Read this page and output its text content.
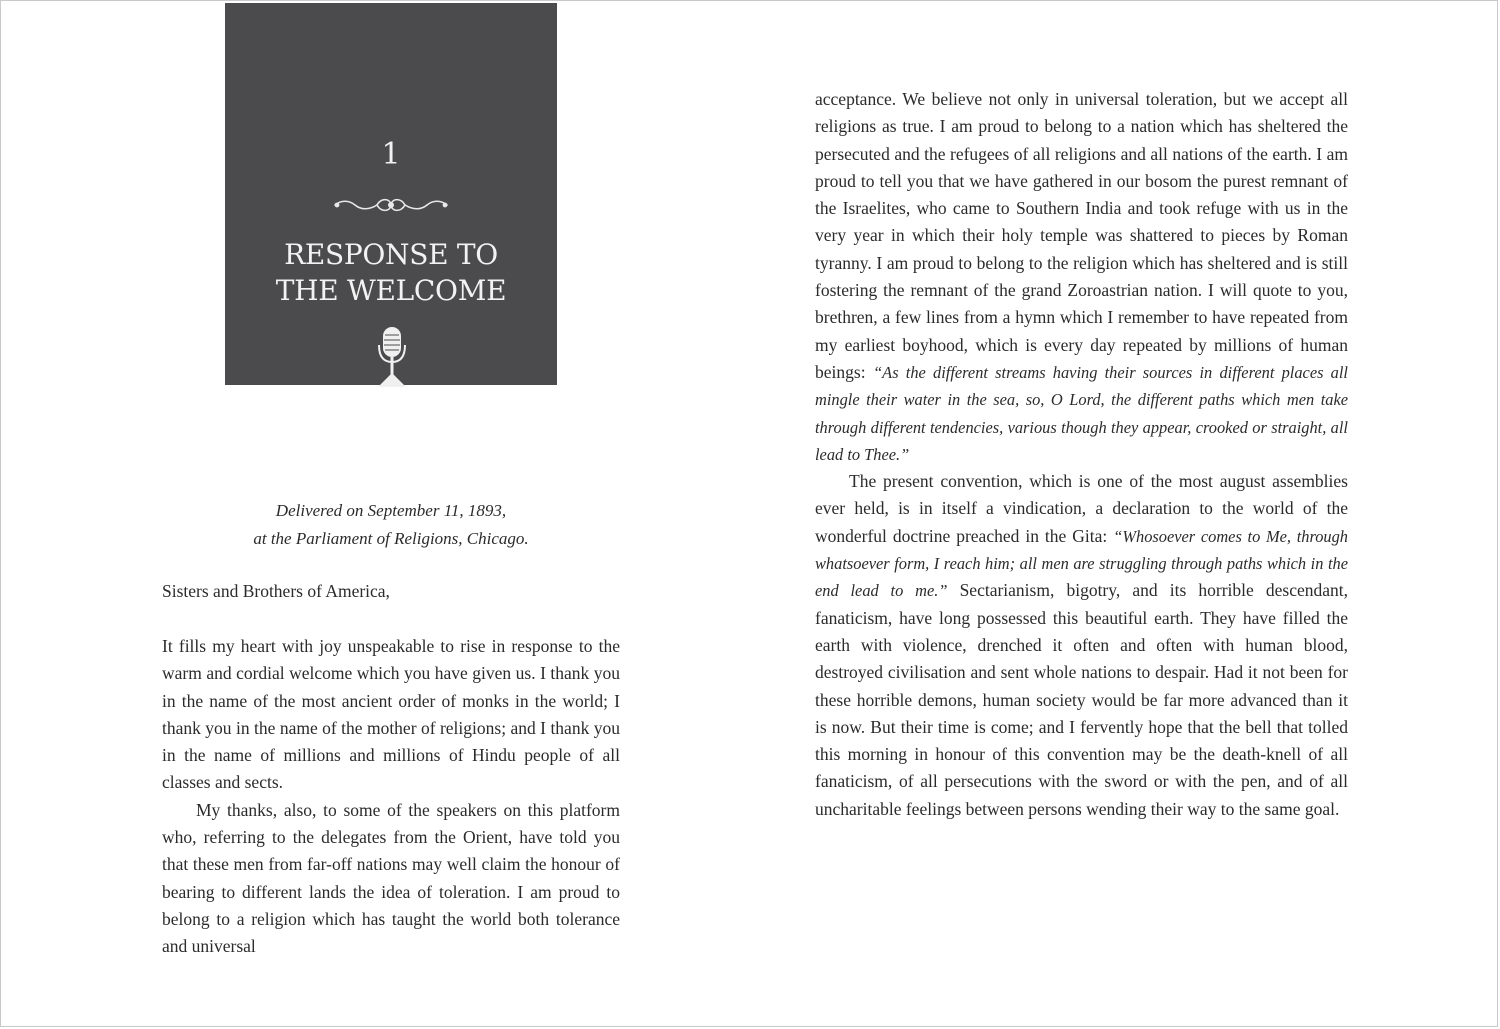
1
RESPONSE TO
THE WELCOME
Delivered on September 11, 1893,
at the Parliament of Religions, Chicago.
Sisters and Brothers of America,

It fills my heart with joy unspeakable to rise in response to the warm and cordial welcome which you have given us. I thank you in the name of the most ancient order of monks in the world; I thank you in the name of the mother of religions; and I thank you in the name of millions and millions of Hindu people of all classes and sects.

My thanks, also, to some of the speakers on this platform who, referring to the delegates from the Orient, have told you that these men from far-off nations may well claim the honour of bearing to different lands the idea of toleration. I am proud to belong to a religion which has taught the world both tolerance and universal

acceptance. We believe not only in universal toleration, but we accept all religions as true. I am proud to belong to a nation which has sheltered the persecuted and the refugees of all religions and all nations of the earth. I am proud to tell you that we have gathered in our bosom the purest remnant of the Israelites, who came to Southern India and took refuge with us in the very year in which their holy temple was shattered to pieces by Roman tyranny. I am proud to belong to the religion which has sheltered and is still fostering the remnant of the grand Zoroastrian nation. I will quote to you, brethren, a few lines from a hymn which I remember to have repeated from my earliest boyhood, which is every day repeated by millions of human beings: “As the different streams having their sources in different places all mingle their water in the sea, so, O Lord, the different paths which men take through different tendencies, various though they appear, crooked or straight, all lead to Thee.”

The present convention, which is one of the most august assemblies ever held, is in itself a vindication, a declaration to the world of the wonderful doctrine preached in the Gita: “Whosoever comes to Me, through whatsoever form, I reach him; all men are struggling through paths which in the end lead to me.” Sectarianism, bigotry, and its horrible descendant, fanaticism, have long possessed this beautiful earth. They have filled the earth with violence, drenched it often and often with human blood, destroyed civilisation and sent whole nations to despair. Had it not been for these horrible demons, human society would be far more advanced than it is now. But their time is come; and I fervently hope that the bell that tolled this morning in honour of this convention may be the death-knell of all fanaticism, of all persecutions with the sword or with the pen, and of all uncharitable feelings between persons wending their way to the same goal.
